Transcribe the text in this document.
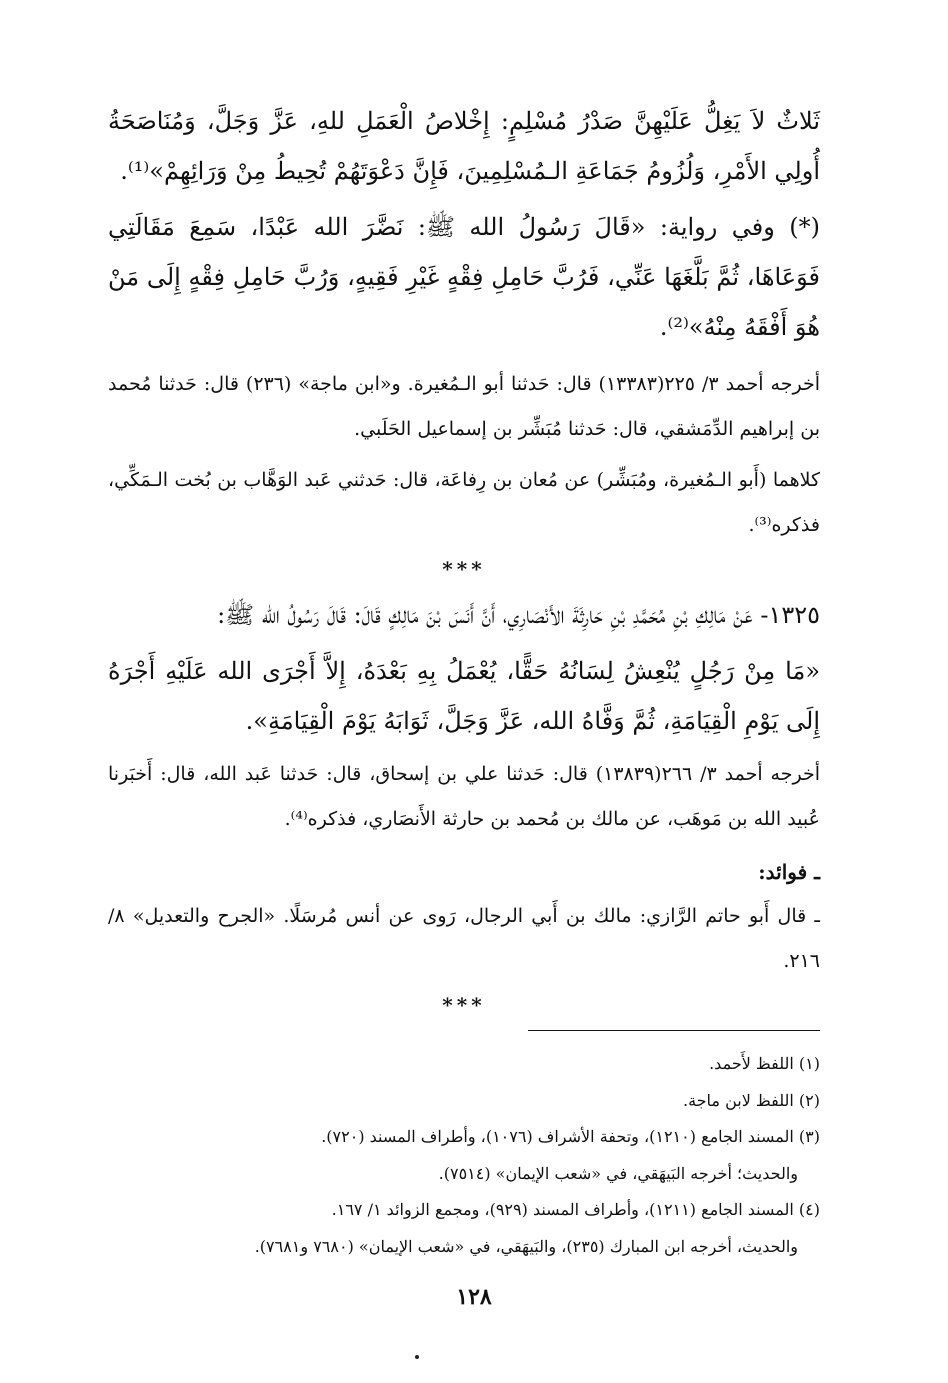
ثَلاثٌ لاَ يَغِلُّ عَلَيْهِنَّ صَدْرُ مُسْلِمٍ: إِخْلاصُ الْعَمَلِ للهِ، عَزَّ وَجَلَّ، وَمُنَاصَحَةُ أُولِي الأَمْرِ، وَلُزُومُ جَمَاعَةِ الـمُسْلِمِينَ، فَإِنَّ دَعْوَتَهُمْ تُحِيطُ مِنْ وَرَائِهِمْ»⁽¹⁾.

(*) وفي رواية: «قَالَ رَسُولُ الله ﷺ: نَضَّرَ الله عَبْدًا، سَمِعَ مَقَالَتِي فَوَعَاهَا، ثُمَّ بَلَّغَهَا عَنِّي، فَرُبَّ حَامِلِ فِقْهٍ غَيْرِ فَقِيهٍ، وَرُبَّ حَامِلِ فِقْهٍ إِلَى مَنْ هُوَ أَفْقَهُ مِنْهُ»⁽²⁾.

أخرجه أحمد ٣/ ٢٢٥(١٣٣٨٣) قال: حَدثنا أبو الـمُغيرة. و«ابن ماجة» (٢٣٦) قال: حَدثنا مُحمد بن إبراهيم الدِّمَشقي، قال: حَدثنا مُبَشِّر بن إسماعيل الحَلَبي.

كلاهما (أَبو الـمُغيرة، ومُبَشِّر) عن مُعان بن رِفاعَة، قال: حَدثني عَبد الوَهَّاب بن بُخت الـمَكِّي، فذكره⁽³⁾.

***

١٣٢٥- عَنْ مَالِكِ بْنِ مُحَمَّدِ بْنِ حَارِثَةَ الأَنْصَارِي، أَنَّ أَنَسَ بْنَ مَالِكٍ قَالَ: قَالَ رَسُولُ الله ﷺ:

«مَا مِنْ رَجُلٍ يُنْعِشُ لِسَانُهُ حَقًّا، يُعْمَلُ بِهِ بَعْدَهُ، إِلاَّ أَجْرَى الله عَلَيْهِ أَجْرَهُ إِلَى يَوْمِ الْقِيَامَةِ، ثُمَّ وَفَّاهُ الله، عَزَّ وَجَلَّ، ثَوَابَهُ يَوْمَ الْقِيَامَةِ».

أخرجه أحمد ٣/ ٢٦٦(١٣٨٣٩) قال: حَدثنا علي بن إسحاق، قال: حَدثنا عَبد الله، قال: أَخبَرنا عُبيد الله بن مَوهَب، عن مالك بن مُحمد بن حارثة الأَنصَاري، فذكره⁽⁴⁾.

ـ فوائد:

ـ قال أَبو حاتم الرَّازي: مالك بن أَبي الرجال، رَوى عن أنس مُرسَلًا. «الجرح والتعديل» ٨/ ٢١٦.

***

(١) اللفظ لأَحمد.

(٢) اللفظ لابن ماجة.

(٣) المسند الجامع (١٢١٠)، وتحفة الأشراف (١٠٧٦)، وأطراف المسند (٧٢٠).

والحديث؛ أخرجه البَيهَقي، في «شعب الإيمان» (٧٥١٤).

(٤) المسند الجامع (١٢١١)، وأطراف المسند (٩٢٩)، ومجمع الزوائد ١/ ١٦٧.

والحديث، أخرجه ابن المبارك (٢٣٥)، والبَيهَقي، في «شعب الإيمان» (٧٦٨٠ و٧٦٨١).

١٢٨
